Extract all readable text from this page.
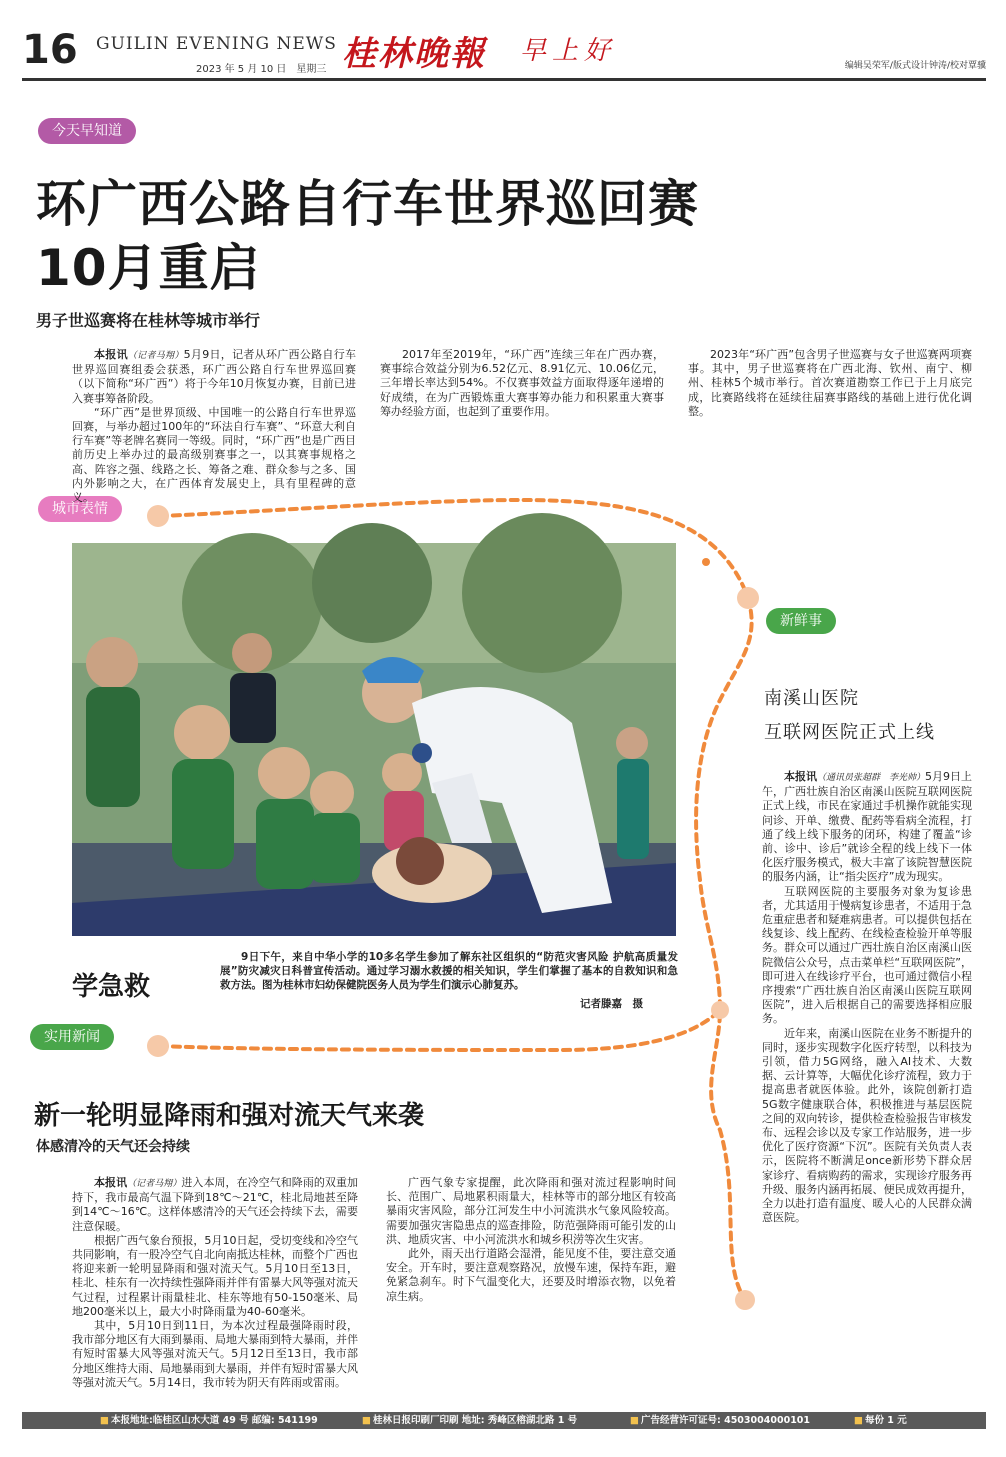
16 GUILIN EVENING NEWS
2023 年 5 月 10 日　星期三 桂林晚報 早上好	编辑吴荣军/版式设计钟涛/校对覃骥
今天早知道
城市表情
新鲜事
实用新闻
环广西公路自行车世界巡回赛
10月重启
男子世巡赛将在桂林等城市举行

本报讯（记者马翔）5月9日，记者从环广西公路自行车世界巡回赛组委会获悉，环广西公路自行车世界巡回赛（以下简称“环广西”）将于今年10月恢复办赛，目前已进入赛事筹备阶段。

“环广西”是世界顶级、中国唯一的公路自行车世界巡回赛，与举办超过100年的“环法自行车赛”、“环意大利自行车赛”等老牌名赛同一等级。同时，“环广西”也是广西目前历史上举办过的最高级别赛事之一，以其赛事规格之高、阵容之强、线路之长、筹备之难、群众参与之多、国内外影响之大，在广西体育发展史上，具有里程碑的意义。

2017年至2019年，“环广西”连续三年在广西办赛，赛事综合效益分别为6.52亿元、8.91亿元、10.06亿元，三年增长率达到54%。不仅赛事效益方面取得逐年递增的好成绩，在为广西锻炼重大赛事筹办能力和积累重大赛事筹办经验方面，也起到了重要作用。

2023年“环广西”包含男子世巡赛与女子世巡赛两项赛事。其中，男子世巡赛将在广西北海、钦州、南宁、柳州、桂林5个城市举行。首次赛道勘察工作已于上月底完成，比赛路线将在延续往届赛事路线的基础上进行优化调整。

学急救
9日下午，来自中华小学的10多名学生参加了解东社区组织的“防范灾害风险 护航高质量发展”防灾减灾日科普宣传活动。通过学习溺水救援的相关知识，学生们掌握了基本的自救知识和急救方法。图为桂林市妇幼保健院医务人员为学生们演示心肺复苏。
记者滕嘉　摄
新一轮明显降雨和强对流天气来袭
体感清冷的天气还会持续

本报讯（记者马翔）进入本周，在冷空气和降雨的双重加持下，我市最高气温下降到18℃～21℃，桂北局地甚至降到14℃～16℃。这样体感清冷的天气还会持续下去，需要注意保暖。

根据广西气象台预报，5月10日起，受切变线和冷空气共同影响，有一股冷空气自北向南抵达桂林，而整个广西也将迎来新一轮明显降雨和强对流天气。5月10日至13日，桂北、桂东有一次持续性强降雨并伴有雷暴大风等强对流天气过程，过程累计雨量桂北、桂东等地有50-150毫米、局地200毫米以上，最大小时降雨量为40-60毫米。

其中，5月10日到11日，为本次过程最强降雨时段，我市部分地区有大雨到暴雨、局地大暴雨到特大暴雨，并伴有短时雷暴大风等强对流天气。5月12日至13日，我市部分地区维持大雨、局地暴雨到大暴雨，并伴有短时雷暴大风等强对流天气。5月14日，我市转为阴天有阵雨或雷雨。

广西气象专家提醒，此次降雨和强对流过程影响时间长、范围广、局地累积雨量大，桂林等市的部分地区有较高暴雨灾害风险，部分江河发生中小河流洪水气象风险较高。需要加强灾害隐患点的巡查排险，防范强降雨可能引发的山洪、地质灾害、中小河流洪水和城乡积涝等次生灾害。

此外，雨天出行道路会湿滑，能见度不佳，要注意交通安全。开车时，要注意观察路况，放慢车速，保持车距，避免紧急刹车。时下气温变化大，还要及时增添衣物，以免着凉生病。

南溪山医院
互联网医院正式上线

本报讯（通讯员张超群　李光帅）5月9日上午，广西壮族自治区南溪山医院互联网医院正式上线，市民在家通过手机操作就能实现问诊、开单、缴费、配药等看病全流程，打通了线上线下服务的闭环，构建了覆盖“诊前、诊中、诊后”就诊全程的线上线下一体化医疗服务模式，极大丰富了该院智慧医院的服务内涵，让“指尖医疗”成为现实。

互联网医院的主要服务对象为复诊患者，尤其适用于慢病复诊患者，不适用于急危重症患者和疑难病患者。可以提供包括在线复诊、线上配药、在线检查检验开单等服务。群众可以通过广西壮族自治区南溪山医院微信公众号，点击菜单栏“互联网医院”，即可进入在线诊疗平台，也可通过微信小程序搜索“广西壮族自治区南溪山医院互联网医院”，进入后根据自己的需要选择相应服务。

近年来，南溪山医院在业务不断提升的同时，逐步实现数字化医疗转型，以科技为引领，借力5G网络，融入AI技术、大数据、云计算等，大幅优化诊疗流程，致力于提高患者就医体验。此外，该院创新打造5G数字健康联合体，积极推进与基层医院之间的双向转诊，提供检查检验报告审核发布、远程会诊以及专家工作站服务，进一步优化了医疗资源“下沉”。医院有关负责人表示，医院将不断满足once新形势下群众居家诊疗、看病购药的需求，实现诊疗服务再升级、服务内涵再拓展、便民成效再提升，全力以赴打造有温度、暖人心的人民群众满意医院。

■ 本报地址:临桂区山水大道 49 号 邮编: 541199	■ 桂林日报印刷厂印刷 地址: 秀峰区榕湖北路 1 号	■ 广告经营许可证号: 4503004000101	■ 每份 1 元
